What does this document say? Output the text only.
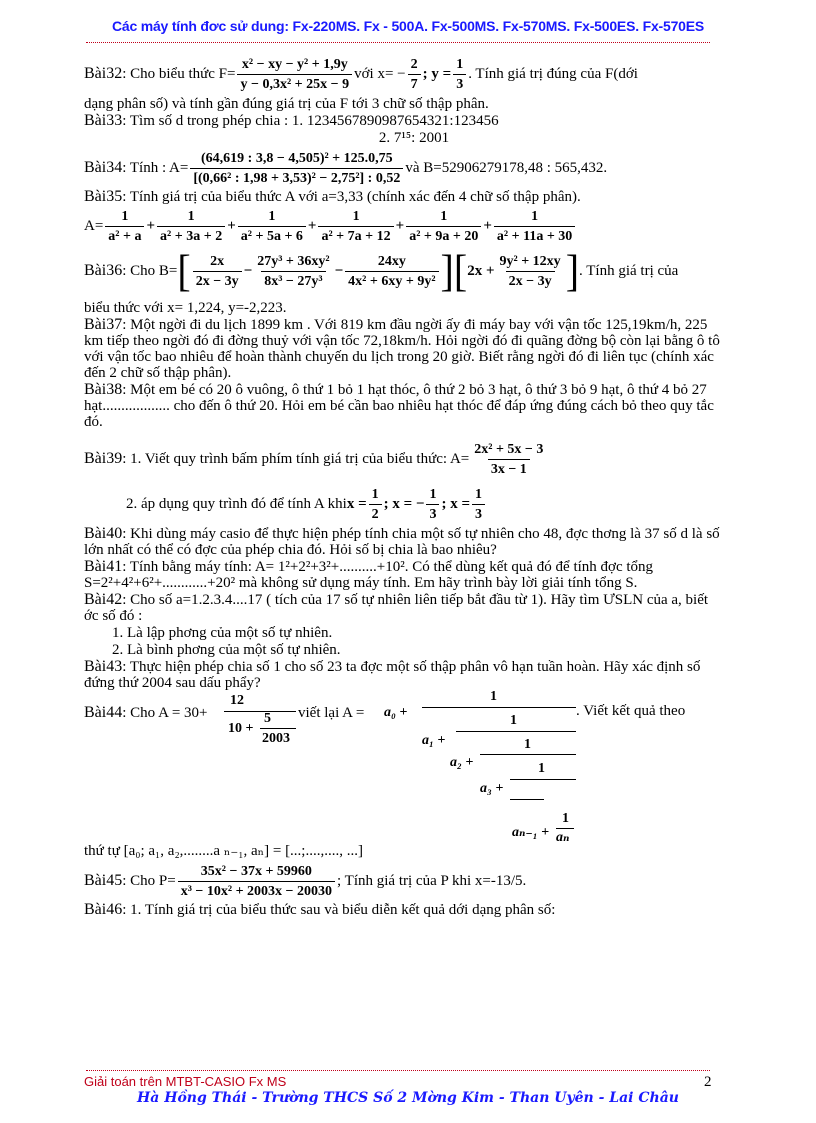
Các máy tính đơc sử dung: Fx-220MS. Fx - 500A. Fx-500MS. Fx-570MS. Fx-500ES. Fx-570ES
Bài32 : Cho biểu thức $F= \frac{\text{x² − xy − y² + 1,9y}}{\text{y − 0,3x² + 25x − 9}}$ với $x= - \frac{2}{7}$ ; $y = \frac{1}{3}$ . Tính giá trị đúng của F(dới
dạng phân số) và tính gần đúng giá trị của F tới 3 chữ số thập phân.
Bài33: Tìm số d trong phép chia : 1. 123456789098765​4321:123456
2. 7¹⁵: 2001
Bài34 : Tính : $A= \frac{\text{(64,619 : 3,8 − 4,505)² + 125.0,75}}{\text{[(0,66² : 1,98 + 3,53)² − 2,75²] : 0,52}}$ và B=52906279178,48 : 565,432.
Bài35: Tính giá trị của biểu thức A với a=3,33 (chính xác đến 4 chữ số thập phân).
$A= \frac{1}{\text{a² + a}} + \frac{1}{\text{a² + 3a + 2}} + \frac{1}{\text{a² + 5a + 6}} + \frac{1}{\text{a² + 7a + 12}} + \frac{1}{\text{a² + 9a + 20}} + \frac{1}{\text{a² + 11a + 30}}$
Bài36 : Cho B= [ 2x
2x − 3y
− $\frac{\text{27y³ + 36xy²}}{\text{8x³ − 27y³}} - \frac{24xy}{\text{4x² + 6xy + 9y²}}$ ] [ $2x + \frac{\text{9y² + 12xy}}{2x - 3y}$ ] . Tính giá trị của
biểu thức với x= 1,224, y=-2,223.
Bài37: Một ngời đi du lịch 1899 km . Với 819 km đầu ngời ấy đi máy bay với vận tốc 125,19km/h, 225 km tiếp theo ngời đó đi đờng thuỷ với vận tốc 72,18km/h. Hỏi ngời đó đi quãng đờng bộ còn lại bằng ô tô với vận tốc bao nhiêu để hoàn thành chuyến du lịch trong 20 giờ. Biết rằng ngời đó đi liên tục (chính xác đến 2 chữ số thập phân).
Bài38: Một em bé có 20 ô vuông, ô thứ 1 bỏ 1 hạt thóc, ô thứ 2 bỏ 3 hạt, ô thứ 3 bỏ 9 hạt, ô thứ 4 bỏ 27 hạt.................. cho đến ô thứ 20. Hỏi em bé cần bao nhiêu hạt thóc để đáp ứng đúng cách bỏ theo quy tắc đó.
Bài39 : 1. Viết quy trình bấm phím tính giá trị của biểu thức: $A= \frac{\text{2x² + 5x − 3}}{3x - 1}$
2. áp dụng quy trình đó để tính A khi $x = \frac{1}{2}$ ; x = − $\frac{1}{3}$ ; $x = \frac{1}{3}$
Bài40: Khi dùng máy casio để thực hiện phép tính chia một số tự nhiên cho 48, đợc thơng là 37 số d là số lớn nhất có thể có đợc của phép chia đó. Hỏi số bị chia là bao nhiêu?
Bài41: Tính bằng máy tính: A= 1²+2²+3²+..........+10². Có thể dùng kết quả đó để tính đợc tổng S=2²+4²+6²+............+20² mà không sử dụng máy tính. Em hãy trình bày lời giải tính tổng S.
Bài42: Cho số a=1.2.3.4....17 ( tích của 17 số tự nhiên liên tiếp bắt đầu từ 1). Hãy tìm ƯSLN của a, biết ớc số đó :
1. Là lập phơng của một số tự nhiên.
2. Là bình phơng của một số tự nhiên.
Bài43: Thực hiện phép chia số 1 cho số 23 ta đợc một số thập phân vô hạn tuần hoàn. Hãy xác định số đứng thứ 2004 sau dấu phẩy?
Bài44: Cho A = 30+
12
10 +
5
2003
viết lại A = a₀ +
1
. Viết kết quả theo
a₁ +
1
a₂ +
1
a₃ +
1
aₙ₋₁ +
1
aₙ
thứ tự [a₀; a₁, a₂,........a ₙ₋₁, aₙ] = [...;....,...., ...]
Bài45 : Cho $P= \frac{\text{35x² − 37x + 59960}}{\text{x³ − 10x² + 2003x − 20030}}$ ; Tính giá trị của P khi x=-13/5.
Bài46: 1. Tính giá trị của biểu thức sau và biểu diễn kết quả dới dạng phân số:
Giải toán trên MTBT-CASIO Fx MS	2
Hà Hồng Thái - Trường THCS Số 2 Mờng Kim - Than Uyên - Lai Châu
